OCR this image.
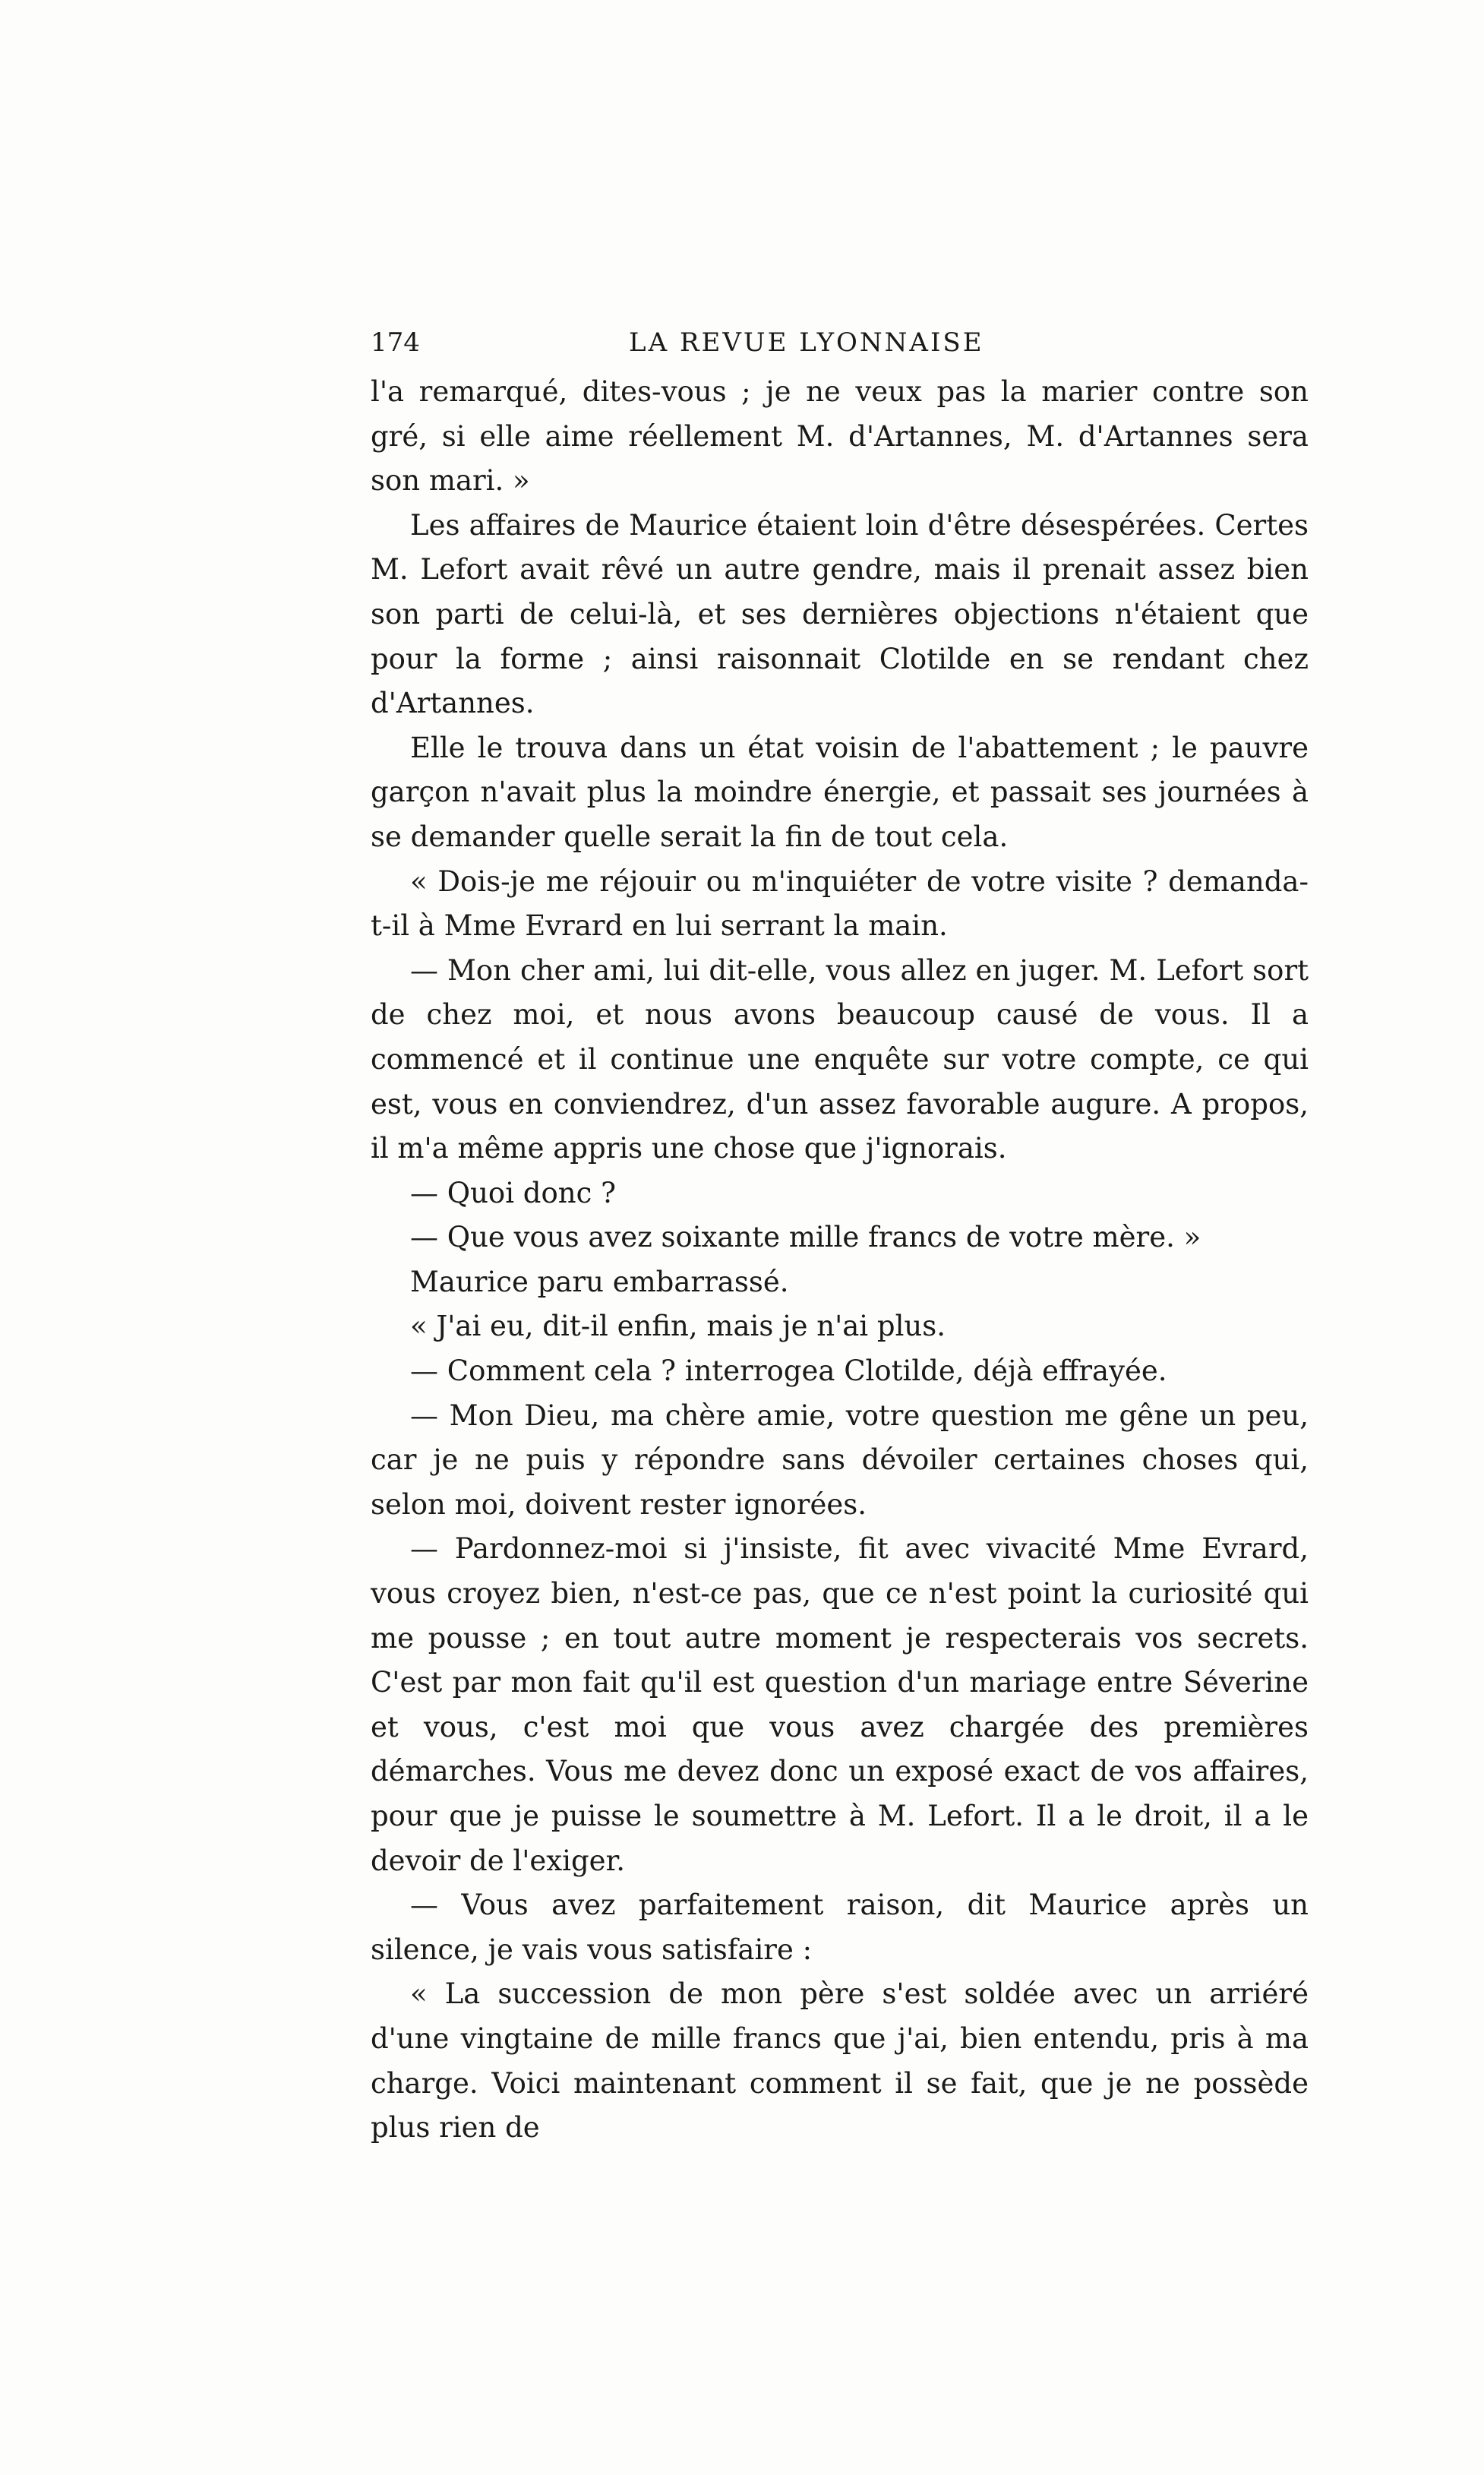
174	LA REVUE LYONNAISE

l'a remarqué, dites-vous ; je ne veux pas la marier contre son gré, si elle aime réellement M. d'Artannes, M. d'Artannes sera son mari. »

Les affaires de Maurice étaient loin d'être désespérées. Certes M. Lefort avait rêvé un autre gendre, mais il prenait assez bien son parti de celui-là, et ses dernières objections n'étaient que pour la forme ; ainsi raisonnait Clotilde en se rendant chez d'Artannes.

Elle le trouva dans un état voisin de l'abattement ; le pauvre garçon n'avait plus la moindre énergie, et passait ses journées à se demander quelle serait la fin de tout cela.

« Dois-je me réjouir ou m'inquiéter de votre visite ? demanda-t-il à Mme Evrard en lui serrant la main.

— Mon cher ami, lui dit-elle, vous allez en juger. M. Lefort sort de chez moi, et nous avons beaucoup causé de vous. Il a commencé et il continue une enquête sur votre compte, ce qui est, vous en conviendrez, d'un assez favorable augure. A propos, il m'a même appris une chose que j'ignorais.

— Quoi donc ?

— Que vous avez soixante mille francs de votre mère. »

Maurice paru embarrassé.

« J'ai eu, dit-il enfin, mais je n'ai plus.

— Comment cela ? interrogea Clotilde, déjà effrayée.

— Mon Dieu, ma chère amie, votre question me gêne un peu, car je ne puis y répondre sans dévoiler certaines choses qui, selon moi, doivent rester ignorées.

— Pardonnez-moi si j'insiste, fit avec vivacité Mme Evrard, vous croyez bien, n'est-ce pas, que ce n'est point la curiosité qui me pousse ; en tout autre moment je respecterais vos secrets. C'est par mon fait qu'il est question d'un mariage entre Séverine et vous, c'est moi que vous avez chargée des premières démarches. Vous me devez donc un exposé exact de vos affaires, pour que je puisse le soumettre à M. Lefort. Il a le droit, il a le devoir de l'exiger.

— Vous avez parfaitement raison, dit Maurice après un silence, je vais vous satisfaire :

« La succession de mon père s'est soldée avec un arriéré d'une vingtaine de mille francs que j'ai, bien entendu, pris à ma charge. Voici maintenant comment il se fait, que je ne possède plus rien de
